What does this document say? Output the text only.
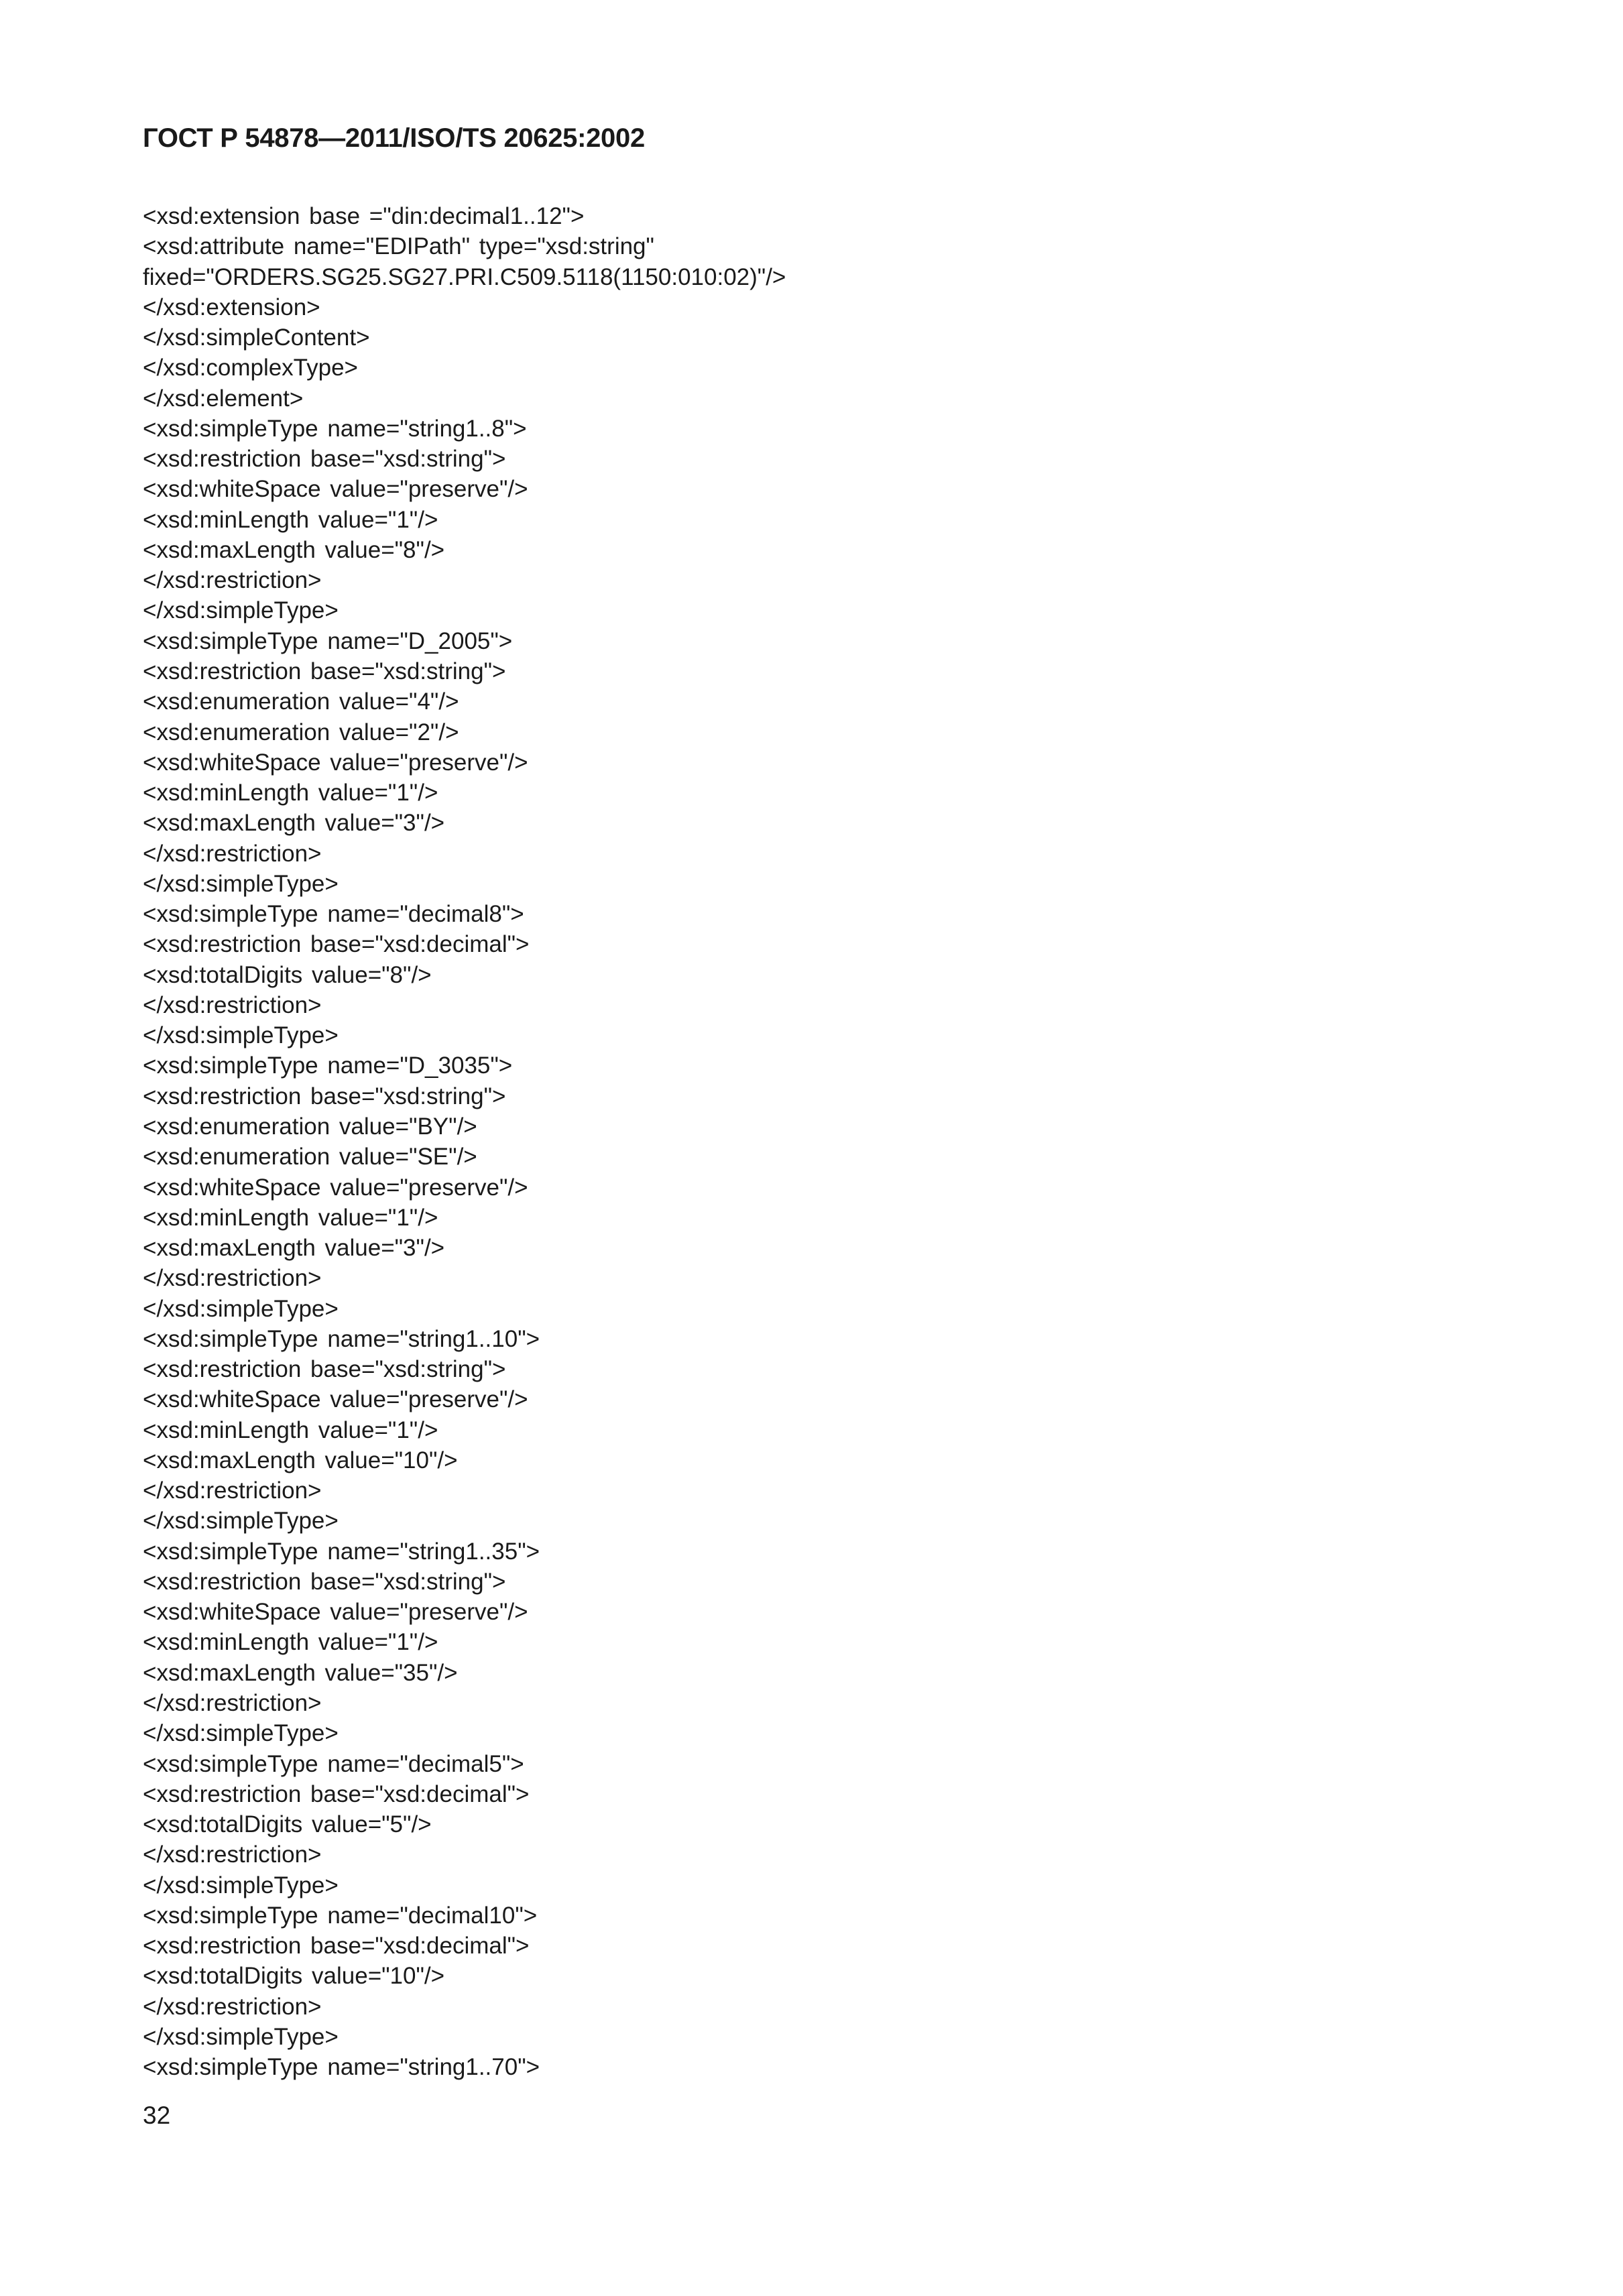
ГОСТ Р 54878—2011/ISO/TS 20625:2002
<xsd:extension base ="din:decimal1..12">
<xsd:attribute name="EDIPath" type="xsd:string"
fixed="ORDERS.SG25.SG27.PRI.C509.5118(1150:010:02)"/>
</xsd:extension>
</xsd:simpleContent>
</xsd:complexType>
</xsd:element>
<xsd:simpleType name="string1..8">
<xsd:restriction base="xsd:string">
<xsd:whiteSpace value="preserve"/>
<xsd:minLength value="1"/>
<xsd:maxLength value="8"/>
</xsd:restriction>
</xsd:simpleType>
<xsd:simpleType name="D_2005">
<xsd:restriction base="xsd:string">
<xsd:enumeration value="4"/>
<xsd:enumeration value="2"/>
<xsd:whiteSpace value="preserve"/>
<xsd:minLength value="1"/>
<xsd:maxLength value="3"/>
</xsd:restriction>
</xsd:simpleType>
<xsd:simpleType name="decimal8">
<xsd:restriction base="xsd:decimal">
<xsd:totalDigits value="8"/>
</xsd:restriction>
</xsd:simpleType>
<xsd:simpleType name="D_3035">
<xsd:restriction base="xsd:string">
<xsd:enumeration value="BY"/>
<xsd:enumeration value="SE"/>
<xsd:whiteSpace value="preserve"/>
<xsd:minLength value="1"/>
<xsd:maxLength value="3"/>
</xsd:restriction>
</xsd:simpleType>
<xsd:simpleType name="string1..10">
<xsd:restriction base="xsd:string">
<xsd:whiteSpace value="preserve"/>
<xsd:minLength value="1"/>
<xsd:maxLength value="10"/>
</xsd:restriction>
</xsd:simpleType>
<xsd:simpleType name="string1..35">
<xsd:restriction base="xsd:string">
<xsd:whiteSpace value="preserve"/>
<xsd:minLength value="1"/>
<xsd:maxLength value="35"/>
</xsd:restriction>
</xsd:simpleType>
<xsd:simpleType name="decimal5">
<xsd:restriction base="xsd:decimal">
<xsd:totalDigits value="5"/>
</xsd:restriction>
</xsd:simpleType>
<xsd:simpleType name="decimal10">
<xsd:restriction base="xsd:decimal">
<xsd:totalDigits value="10"/>
</xsd:restriction>
</xsd:simpleType>
<xsd:simpleType name="string1..70">
32
